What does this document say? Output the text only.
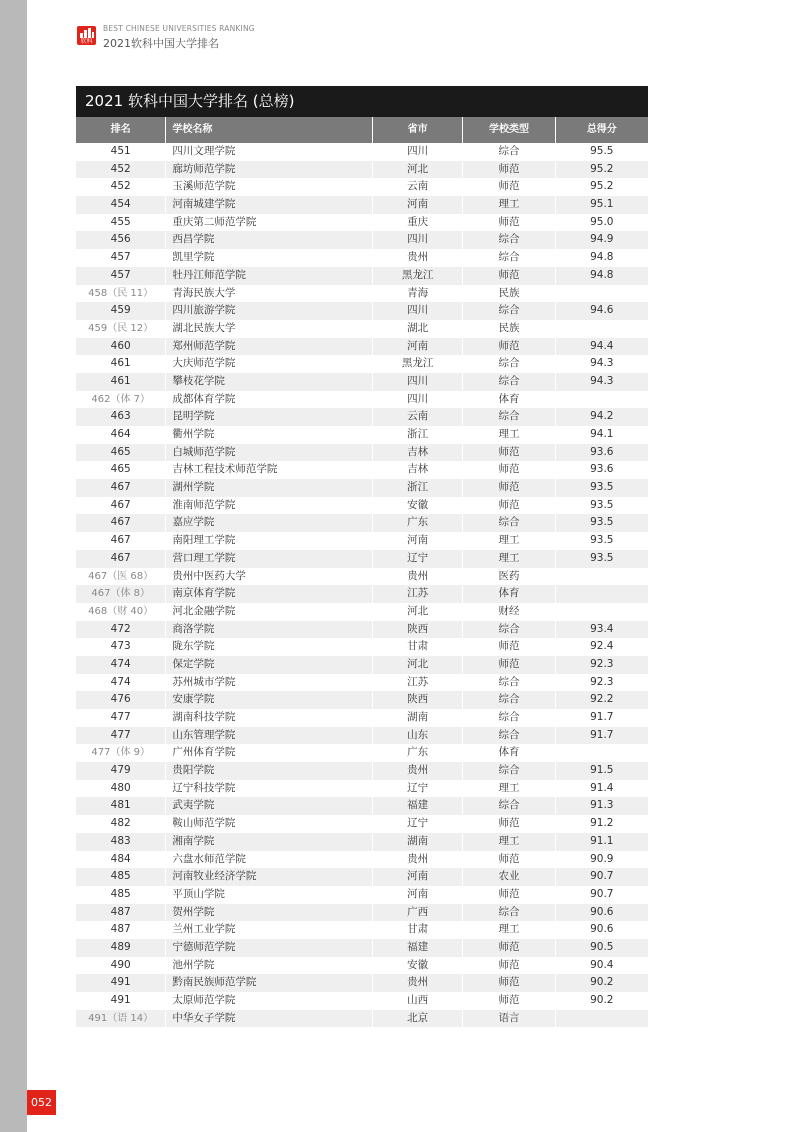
软科
BEST CHINESE UNIVERSITIES RANKING
2021软科中国大学排名
2021 软科中国大学排名 (总榜)
排名	学校名称	省市	学校类型	总得分
451	四川文理学院	四川	综合	95.5
452	廊坊师范学院	河北	师范	95.2
452	玉溪师范学院	云南	师范	95.2
454	河南城建学院	河南	理工	95.1
455	重庆第二师范学院	重庆	师范	95.0
456	西昌学院	四川	综合	94.9
457	凯里学院	贵州	综合	94.8
457	牡丹江师范学院	黑龙江	师范	94.8
458（民 11）	青海民族大学	青海	民族
459	四川旅游学院	四川	综合	94.6
459（民 12）	湖北民族大学	湖北	民族
460	郑州师范学院	河南	师范	94.4
461	大庆师范学院	黑龙江	综合	94.3
461	攀枝花学院	四川	综合	94.3
462（体 7）	成都体育学院	四川	体育
463	昆明学院	云南	综合	94.2
464	衢州学院	浙江	理工	94.1
465	白城师范学院	吉林	师范	93.6
465	吉林工程技术师范学院	吉林	师范	93.6
467	湖州学院	浙江	师范	93.5
467	淮南师范学院	安徽	师范	93.5
467	嘉应学院	广东	综合	93.5
467	南阳理工学院	河南	理工	93.5
467	营口理工学院	辽宁	理工	93.5
467（医 68）	贵州中医药大学	贵州	医药
467（体 8）	南京体育学院	江苏	体育
468（财 40）	河北金融学院	河北	财经
472	商洛学院	陕西	综合	93.4
473	陇东学院	甘肃	师范	92.4
474	保定学院	河北	师范	92.3
474	苏州城市学院	江苏	综合	92.3
476	安康学院	陕西	综合	92.2
477	湖南科技学院	湖南	综合	91.7
477	山东管理学院	山东	综合	91.7
477（体 9）	广州体育学院	广东	体育
479	贵阳学院	贵州	综合	91.5
480	辽宁科技学院	辽宁	理工	91.4
481	武夷学院	福建	综合	91.3
482	鞍山师范学院	辽宁	师范	91.2
483	湘南学院	湖南	理工	91.1
484	六盘水师范学院	贵州	师范	90.9
485	河南牧业经济学院	河南	农业	90.7
485	平顶山学院	河南	师范	90.7
487	贺州学院	广西	综合	90.6
487	兰州工业学院	甘肃	理工	90.6
489	宁德师范学院	福建	师范	90.5
490	池州学院	安徽	师范	90.4
491	黔南民族师范学院	贵州	师范	90.2
491	太原师范学院	山西	师范	90.2
491（语 14）	中华女子学院	北京	语言
052
